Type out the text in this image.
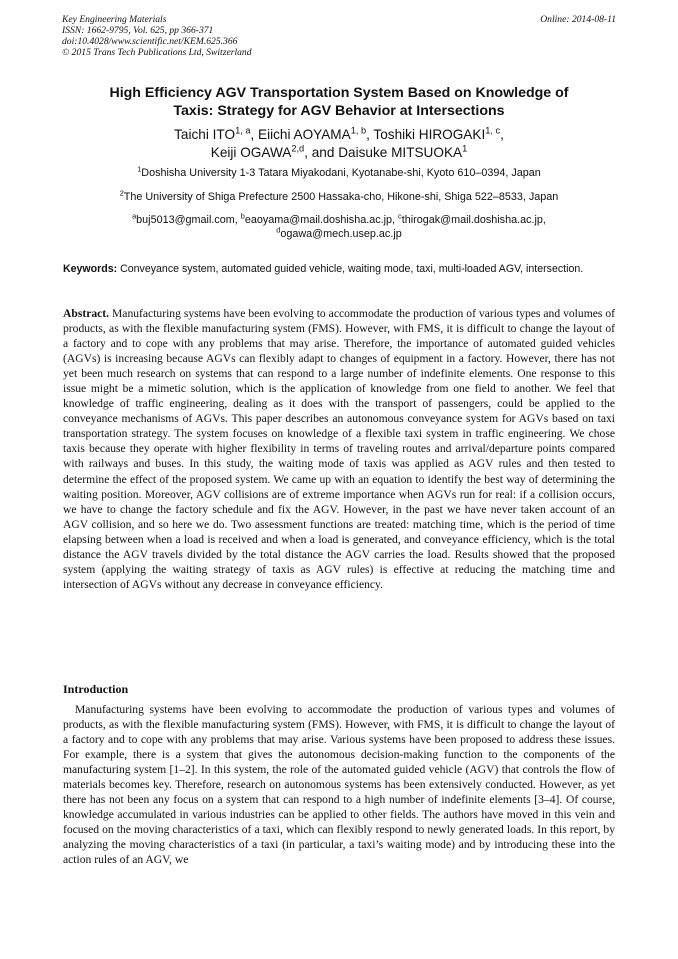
Key Engineering Materials
ISSN: 1662-9795, Vol. 625, pp 366-371
doi:10.4028/www.scientific.net/KEM.625.366
© 2015 Trans Tech Publications Ltd, Switzerland
Online: 2014-08-11
High Efficiency AGV Transportation System Based on Knowledge of
Taxis: Strategy for AGV Behavior at Intersections
Taichi ITO$^{1, a}$, Eiichi AOYAMA$^{1, b}$, Toshiki HIROGAKI$^{1, c}$,
Keiji OGAWA$^{2,d}$, and Daisuke MITSUOKA$^1$
$^1$Doshisha University 1-3 Tatara Miyakodani, Kyotanabe-shi, Kyoto 610–0394, Japan
$^2$The University of Shiga Prefecture 2500 Hassaka-cho, Hikone-shi, Shiga 522–8533, Japan
$^a$buj5013@gmail.com, $^b$eaoyama@mail.doshisha.ac.jp, $^c$thirogak@mail.doshisha.ac.jp,
$^d$ogawa@mech.usep.ac.jp
Keywords: Conveyance system, automated guided vehicle, waiting mode, taxi, multi-loaded AGV, intersection.
Abstract. Manufacturing systems have been evolving to accommodate the production of various types and volumes of products, as with the flexible manufacturing system (FMS). However, with FMS, it is difficult to change the layout of a factory and to cope with any problems that may arise. Therefore, the importance of automated guided vehicles (AGVs) is increasing because AGVs can flexibly adapt to changes of equipment in a factory. However, there has not yet been much research on systems that can respond to a large number of indefinite elements. One response to this issue might be a mimetic solution, which is the application of knowledge from one field to another. We feel that knowledge of traffic engineering, dealing as it does with the transport of passengers, could be applied to the conveyance mechanisms of AGVs. This paper describes an autonomous conveyance system for AGVs based on taxi transportation strategy. The system focuses on knowledge of a flexible taxi system in traffic engineering. We chose taxis because they operate with higher flexibility in terms of traveling routes and arrival/departure points compared with railways and buses. In this study, the waiting mode of taxis was applied as AGV rules and then tested to determine the effect of the proposed system. We came up with an equation to identify the best way of determining the waiting position. Moreover, AGV collisions are of extreme importance when AGVs run for real: if a collision occurs, we have to change the factory schedule and fix the AGV. However, in the past we have never taken account of an AGV collision, and so here we do. Two assessment functions are treated: matching time, which is the period of time elapsing between when a load is received and when a load is generated, and conveyance efficiency, which is the total distance the AGV travels divided by the total distance the AGV carries the load. Results showed that the proposed system (applying the waiting strategy of taxis as AGV rules) is effective at reducing the matching time and intersection of AGVs without any decrease in conveyance efficiency.
Introduction
Manufacturing systems have been evolving to accommodate the production of various types and volumes of products, as with the flexible manufacturing system (FMS). However, with FMS, it is difficult to change the layout of a factory and to cope with any problems that may arise. Various systems have been proposed to address these issues. For example, there is a system that gives the autonomous decision-making function to the components of the manufacturing system [1–2]. In this system, the role of the automated guided vehicle (AGV) that controls the flow of materials becomes key. Therefore, research on autonomous systems has been extensively conducted. However, as yet there has not been any focus on a system that can respond to a high number of indefinite elements [3–4]. Of course, knowledge accumulated in various industries can be applied to other fields. The authors have moved in this vein and focused on the moving characteristics of a taxi, which can flexibly respond to newly generated loads. In this report, by analyzing the moving characteristics of a taxi (in particular, a taxi’s waiting mode) and by introducing these into the action rules of an AGV, we
